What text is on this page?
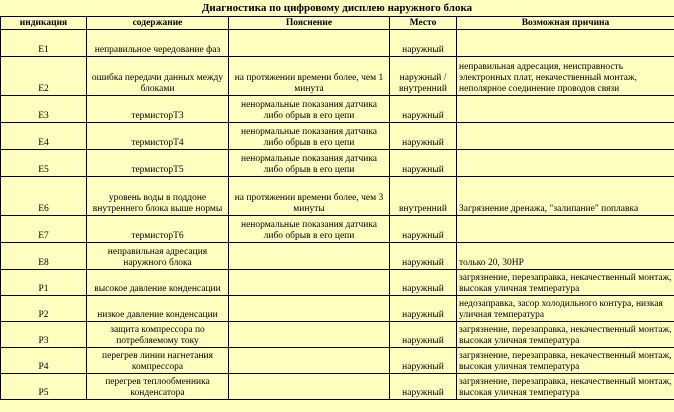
Диагностика по цифровому дисплею наружного блока
индикация	содержание	Пояснение	Место	Возможная причина
E1	неправильное чередование фаз		наружный	
E2	ошибка передачи данных между блоками	на протяжении времени более, чем 1 минута	наружный / внутренний	неправильная адресация, неисправность электронных плат, некачественный монтаж, неполярное соединение проводов связи
E3	термисторТ3	ненормальные показания датчика либо обрыв в его цепи	наружный	
E4	термисторТ4	ненормальные показания датчика либо обрыв в его цепи	наружный	
E5	термисторТ5	ненормальные показания датчика либо обрыв в его цепи	наружный	
E6	уровень воды в поддоне внутреннего блока выше нормы	на протяжении времени более, чем 3 минуты	внутренний	Загрязнение дренажа, "залипание" поплавка
E7	термисторТ6	ненормальные показания датчика либо обрыв в его цепи	наружный	
E8	неправильная адресация наружного блока		наружный	только 20, 30HP
P1	высокое давление конденсации		наружный	загрязнение, перезаправка, некачественный монтаж, высокая уличная температура
P2	низкое давление конденсации		наружный	недозаправка, засор холодильного контура, низкая уличная температура
P3	защита компрессора по потребляемому току		наружный	загрязнение, перезаправка, некачественный монтаж, высокая уличная температура
P4	перегрев линии нагнетания компрессора		наружный	загрязнение, перезаправка, некачественный монтаж, высокая уличная температура
P5	перегрев теплообменника конденсатора		наружный	загрязнение, перезаправка, некачественный монтаж, высокая уличная температура
